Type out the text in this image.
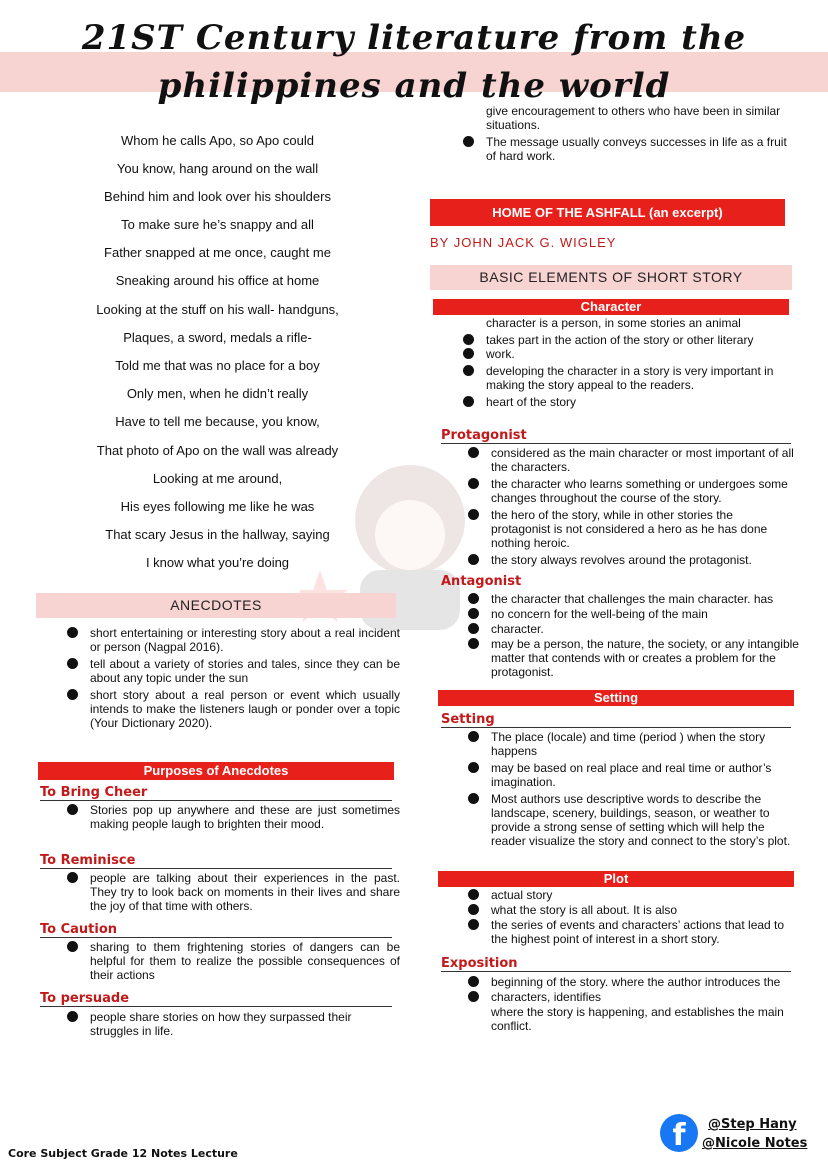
21ST Century literature from the
philippines and the world
Whom he calls Apo, so Apo could
You know, hang around on the wall
Behind him and look over his shoulders
To make sure he’s snappy and all
Father snapped at me once, caught me
Sneaking around his office at home
Looking at the stuff on his wall- handguns,
Plaques, a sword, medals a rifle-
Told me that was no place for a boy
Only men, when he didn’t really
Have to tell me because, you know,
That photo of Apo on the wall was already
Looking at me around,
His eyes following me like he was
That scary Jesus in the hallway, saying
I know what you’re doing
ANECDOTES
short entertaining or interesting story about a real incident or person (Nagpal 2016).
tell about a variety of stories and tales, since they can be about any topic under the sun
short story about a real person or event which usually intends to make the listeners laugh or ponder over a topic (Your Dictionary 2020).
Purposes of Anecdotes
To Bring Cheer
Stories pop up anywhere and these are just sometimes making people laugh to brighten their mood.
To Reminisce
people are talking about their experiences in the past. They try to look back on moments in their lives and share the joy of that time with others.
To Caution
sharing to them frightening stories of dangers can be helpful for them to realize the possible consequences of their actions
To persuade
people share stories on how they surpassed their struggles in life.
give encouragement to others who have been in similar situations.
The message usually conveys successes in life as a fruit of hard work.
HOME OF THE ASHFALL (an excerpt)
BY JOHN JACK G. WIGLEY
BASIC ELEMENTS OF SHORT STORY
Character
character is a person, in some stories an animal
takes part in the action of the story or other literary
work.
developing the character in a story is very important in making the story appeal to the readers.
heart of the story
Protagonist
considered as the main character or most important of all the characters.
the character who learns something or undergoes some changes throughout the course of the story.
the hero of the story, while in other stories the protagonist is not considered a hero as he has done nothing heroic.
the story always revolves around the protagonist.
Antagonist
the character that challenges the main character. has
no concern for the well-being of the main
character.
may be a person, the nature, the society, or any intangible matter that contends with or creates a problem for the protagonist.
Setting
Setting
The place (locale) and time (period ) when the story happens
may be based on real place and real time or author’s imagination.
Most authors use descriptive words to describe the landscape, scenery, buildings, season, or weather to provide a strong sense of setting which will help the reader visualize the story and connect to the story’s plot.
Plot
actual story
what the story is all about. It is also
the series of events and characters’ actions that lead to the highest point of interest in a short story.
Exposition
beginning of the story. where the author introduces the
characters, identifies
where the story is happening, and establishes the main conflict.
Core Subject Grade 12 Notes Lecture
f	@Step Hany
@Nicole Notes
